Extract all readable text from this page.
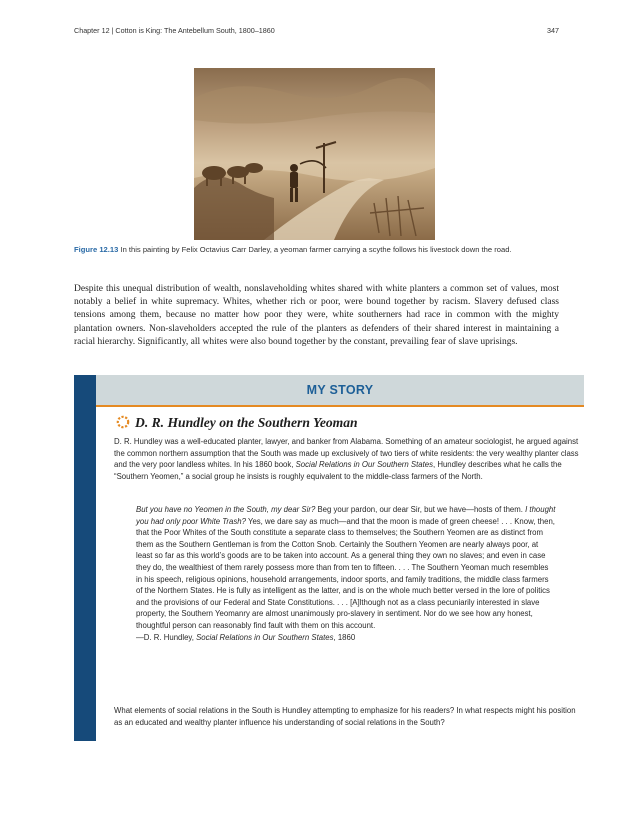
Chapter 12 | Cotton is King: The Antebellum South, 1800–1860	347
Figure 12.13 In this painting by Felix Octavius Carr Darley, a yeoman farmer carrying a scythe follows his livestock down the road.

Despite this unequal distribution of wealth, nonslaveholding whites shared with white planters a common set of values, most notably a belief in white supremacy. Whites, whether rich or poor, were bound together by racism. Slavery defused class tensions among them, because no matter how poor they were, white southerners had race in common with the mighty plantation owners. Non-slaveholders accepted the rule of the planters as defenders of their shared interest in maintaining a racial hierarchy. Significantly, all whites were also bound together by the constant, prevailing fear of slave uprisings.

MY STORY
D. R. Hundley on the Southern Yeoman

D. R. Hundley was a well-educated planter, lawyer, and banker from Alabama. Something of an amateur sociologist, he argued against the common northern assumption that the South was made up exclusively of two tiers of white residents: the very wealthy planter class and the very poor landless whites. In his 1860 book, Social Relations in Our Southern States, Hundley describes what he calls the “Southern Yeomen,” a social group he insists is roughly equivalent to the middle-class farmers of the North.

But you have no Yeomen in the South, my dear Sir? Beg your pardon, our dear Sir, but we have—hosts of them. I thought you had only poor White Trash? Yes, we dare say as much—and that the moon is made of green cheese! . . . Know, then, that the Poor Whites of the South constitute a separate class to themselves; the Southern Yeomen are as distinct from them as the Southern Gentleman is from the Cotton Snob. Certainly the Southern Yeomen are nearly always poor, at least so far as this world’s goods are to be taken into account. As a general thing they own no slaves; and even in case they do, the wealthiest of them rarely possess more than from ten to fifteen. . . . The Southern Yeoman much resembles in his speech, religious opinions, household arrangements, indoor sports, and family traditions, the middle class farmers of the Northern States. He is fully as intelligent as the latter, and is on the whole much better versed in the lore of politics and the provisions of our Federal and State Constitutions. . . . [A]lthough not as a class pecuniarily interested in slave property, the Southern Yeomanry are almost unanimously pro-slavery in sentiment. Nor do we see how any honest, thoughtful person can reasonably find fault with them on this account.
—D. R. Hundley, Social Relations in Our Southern States, 1860

What elements of social relations in the South is Hundley attempting to emphasize for his readers? In what respects might his position as an educated and wealthy planter influence his understanding of social relations in the South?
